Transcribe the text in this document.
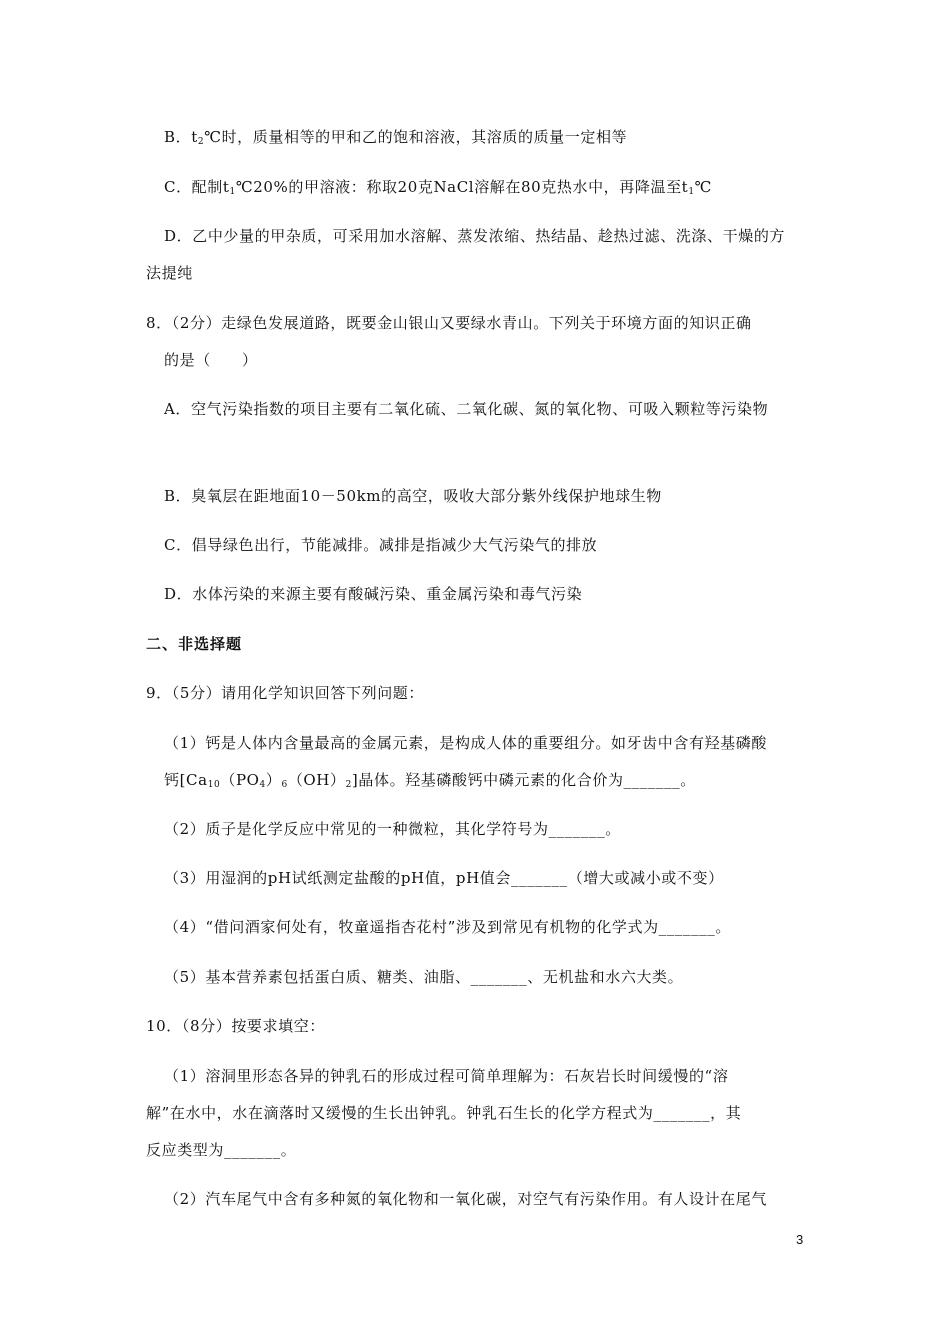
B．$t_2℃$时，质量相等的甲和乙的饱和溶液，其溶质的质量一定相等
C．配制$t_1℃20\%$的甲溶液：称取20克NaCl溶解在80克热水中，再降温至$t_1℃$
D．乙中少量的甲杂质，可采用加水溶解、蒸发浓缩、热结晶、趁热过滤、洗涤、干燥的方
法提纯
8．（2分）走绿色发展道路，既要金山银山又要绿水青山。下列关于环境方面的知识正确
的是（　　）
A．空气污染指数的项目主要有二氧化硫、二氧化碳、氮的氧化物、可吸入颗粒等污染物
B．臭氧层在距地面10－50km的高空，吸收大部分紫外线保护地球生物
C．倡导绿色出行，节能减排。减排是指减少大气污染气的排放
D．水体污染的来源主要有酸碱污染、重金属污染和毒气污染
二、非选择题
9．（5分）请用化学知识回答下列问题：
（1）钙是人体内含量最高的金属元素，是构成人体的重要组分。如牙齿中含有羟基磷酸
钙$[Ca_{10}(PO_4)_6(OH)_2]$晶体。羟基磷酸钙中磷元素的化合价为_______。
（2）质子是化学反应中常见的一种微粒，其化学符号为_______。
（3）用湿润的pH试纸测定盐酸的pH值，pH值会_______（增大或减小或不变）
（4）“借问酒家何处有，牧童遥指杏花村”涉及到常见有机物的化学式为_______。
（5）基本营养素包括蛋白质、糖类、油脂、_______、无机盐和水六大类。
10．（8分）按要求填空：
（1）溶洞里形态各异的钟乳石的形成过程可简单理解为：石灰岩长时间缓慢的“溶
解”在水中，水在滴落时又缓慢的生长出钟乳。钟乳石生长的化学方程式为_______，其
反应类型为_______。
（2）汽车尾气中含有多种氮的氧化物和一氧化碳，对空气有污染作用。有人设计在尾气
3
